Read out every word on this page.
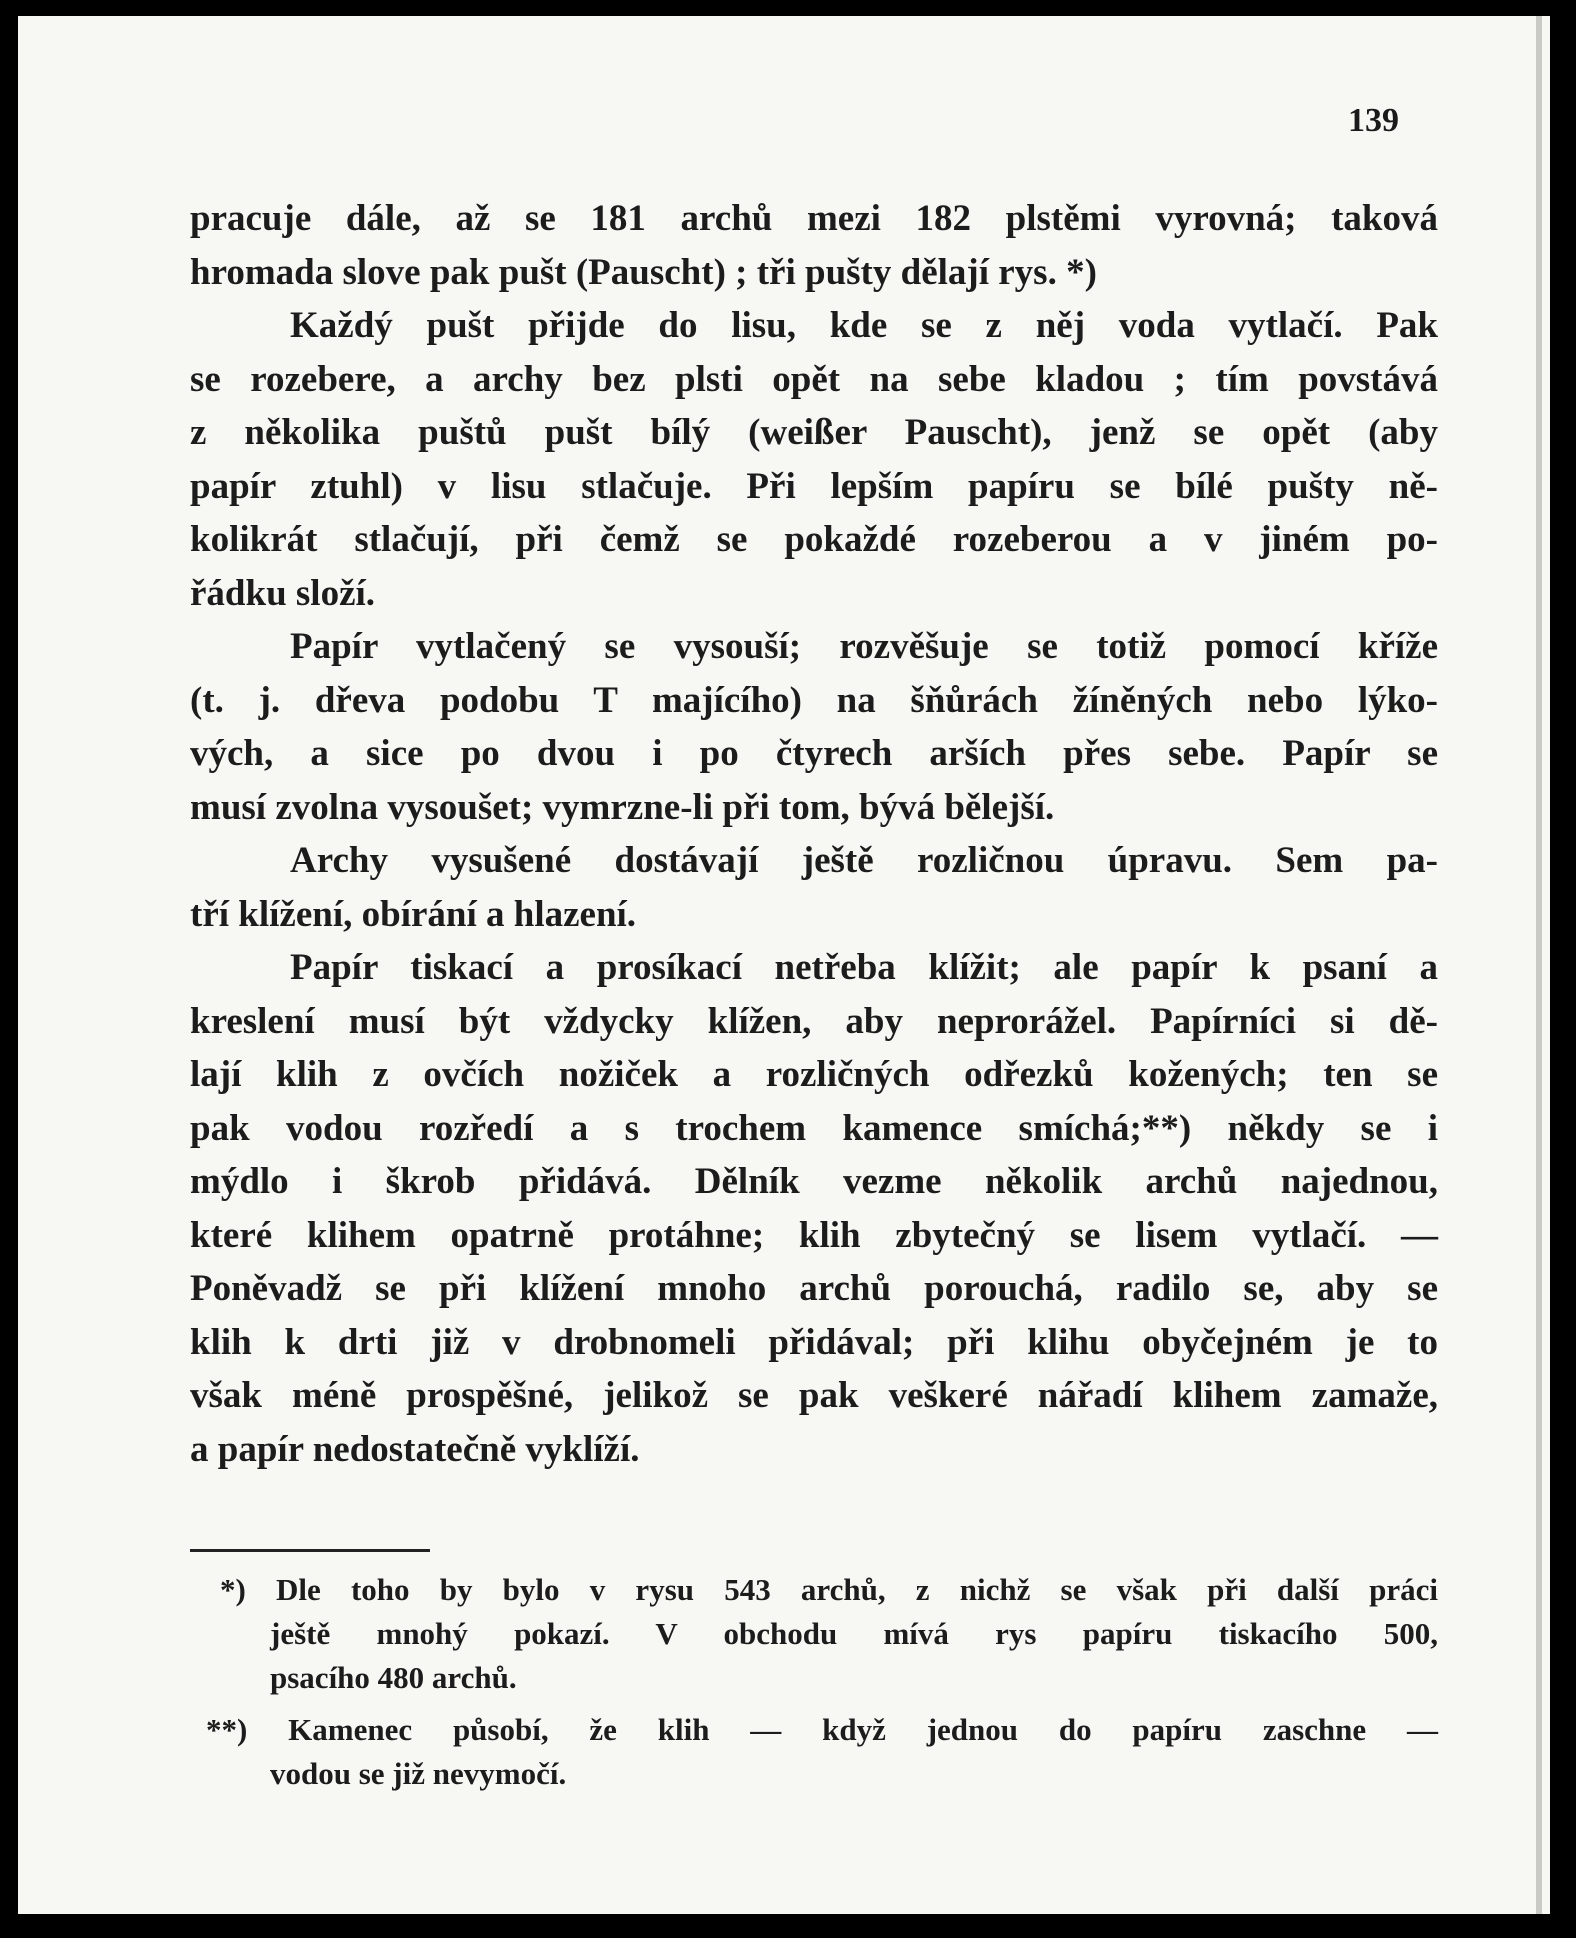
139
pracuje dále, až se 181 archů mezi 182 plstěmi vyrovná; taková
hromada slove pak pušt (Pauscht) ; tři pušty dělají rys. *)
Každý pušt přijde do lisu, kde se z něj voda vytlačí. Pak
se rozebere, a archy bez plsti opět na sebe kladou ; tím povstává
z několika puštů pušt bílý (weißer Pauscht), jenž se opět (aby
papír ztuhl) v lisu stlačuje. Při lepším papíru se bílé pušty ně-
kolikrát stlačují, při čemž se pokaždé rozeberou a v jiném po-
řádku složí.
Papír vytlačený se vysouší; rozvěšuje se totiž pomocí kříže
(t. j. dřeva podobu T majícího) na šňůrách žíněných nebo lýko-
vých, a sice po dvou i po čtyrech arších přes sebe. Papír se
musí zvolna vysoušet; vymrzne-li při tom, bývá bělejší.
Archy vysušené dostávají ještě rozličnou úpravu. Sem pa-
tří klížení, obírání a hlazení.
Papír tiskací a prosíkací netřeba klížit; ale papír k psaní a
kreslení musí být vždycky klížen, aby neprorážel. Papírníci si dě-
lají klih z ovčích nožiček a rozličných odřezků kožených; ten se
pak vodou rozředí a s trochem kamence smíchá;**) někdy se i
mýdlo i škrob přidává. Dělník vezme několik archů najednou,
které klihem opatrně protáhne; klih zbytečný se lisem vytlačí. —
Poněvadž se při klížení mnoho archů porouchá, radilo se, aby se
klih k drti již v drobnomeli přidával; při klihu obyčejném je to
však méně prospěšné, jelikož se pak veškeré nářadí klihem zamaže,
a papír nedostatečně vyklíží.
*) Dle toho by bylo v rysu 543 archů, z nichž se však při další práci
ještě mnohý pokazí. V obchodu mívá rys papíru tiskacího 500,
psacího 480 archů.
**) Kamenec působí, že klih — když jednou do papíru zaschne —
vodou se již nevymočí.
